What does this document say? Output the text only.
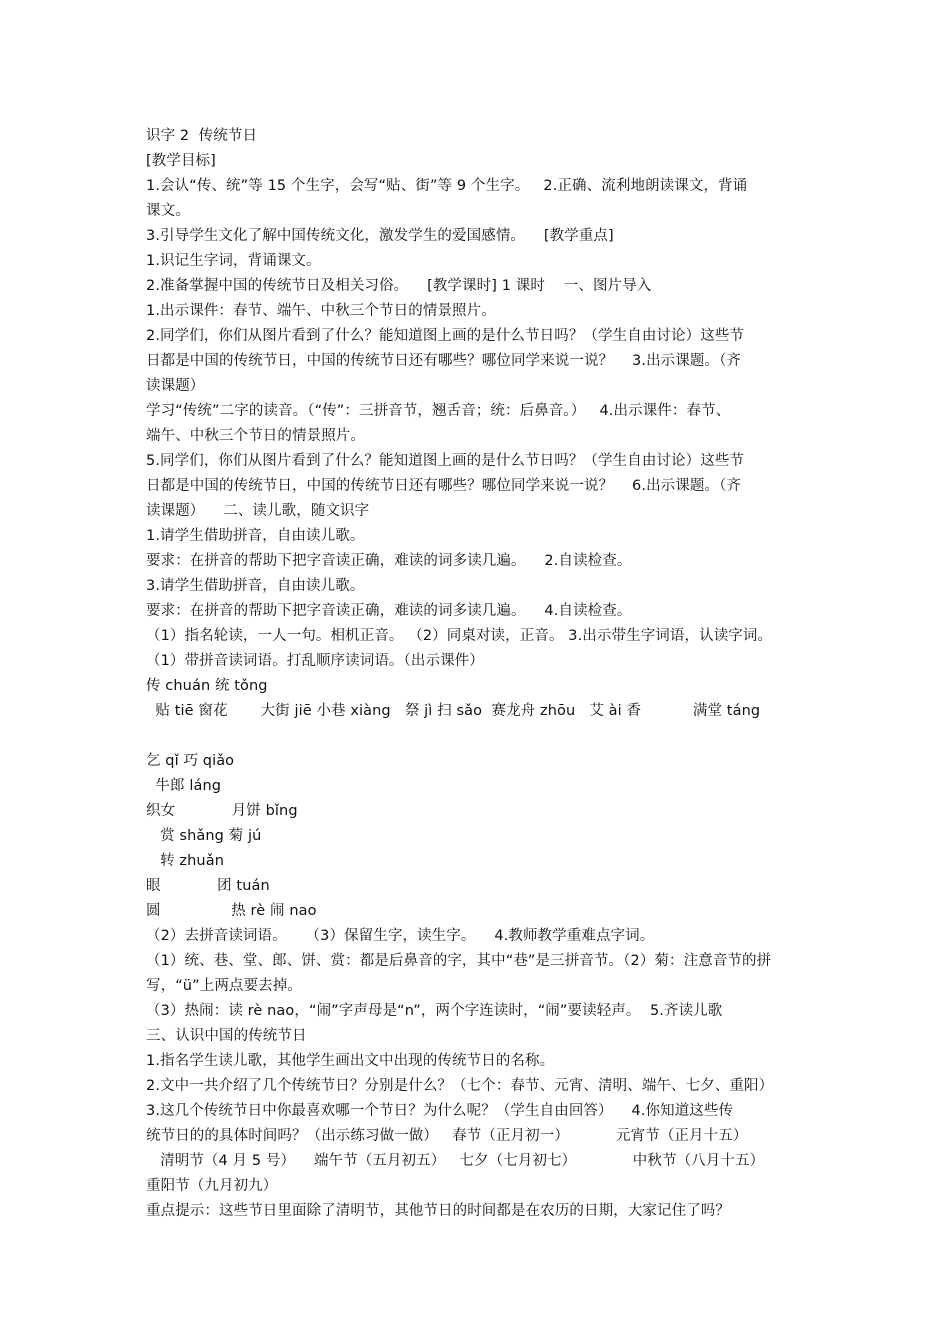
识字 2  传统节日
[教学目标]
1.会认“传、统”等 15 个生字，会写“贴、街”等 9 个生字。   2.正确、流利地朗读课文，背诵
课文。
3.引导学生文化了解中国传统文化，激发学生的爱国感情。    [教学重点]
1.识记生字词，背诵课文。
2.准备掌握中国的传统节日及相关习俗。    [教学课时] 1 课时    一、图片导入
1.出示课件：春节、端午、中秋三个节日的情景照片。
2.同学们，你们从图片看到了什么？能知道图上画的是什么节日吗？（学生自由讨论）这些节
日都是中国的传统节日，中国的传统节日还有哪些？哪位同学来说一说？    3.出示课题。（齐
读课题）
学习“传统”二字的读音。（“传”：三拼音节，翘舌音；统：后鼻音。）   4.出示课件：春节、
端午、中秋三个节日的情景照片。
5.同学们，你们从图片看到了什么？能知道图上画的是什么节日吗？（学生自由讨论）这些节
日都是中国的传统节日，中国的传统节日还有哪些？哪位同学来说一说？    6.出示课题。（齐
读课题）    二、读儿歌，随文识字
1.请学生借助拼音，自由读儿歌。
要求：在拼音的帮助下把字音读正确，难读的词多读几遍。    2.自读检查。
3.请学生借助拼音，自由读儿歌。
要求：在拼音的帮助下把字音读正确，难读的词多读几遍。    4.自读检查。
（1）指名轮读，一人一句。相机正音。 （2）同桌对读，正音。 3.出示带生字词语，认读字词。
（1）带拼音读词语。打乱顺序读词语。（出示课件）
传 chuán 统 tǒng
贴 tiē 窗花       大街 jiē 小巷 xiàng   祭 jì 扫 sǎo  赛龙舟 zhōu   艾 ài 香           满堂 táng
乞 qǐ 巧 qiǎo
牛郎 láng
织女            月饼 bǐng
赏 shǎng 菊 jú
转 zhuǎn
眼            团 tuán
圆               热 rè 闹 nao
（2）去拼音读词语。    （3）保留生字，读生字。    4.教师教学重难点字词。
（1）统、巷、堂、郎、饼、赏：都是后鼻音的字，其中“巷”是三拼音节。（2）菊：注意音节的拼
写，“ü”上两点要去掉。
（3）热闹：读 rè nao，“闹”字声母是“n”，两个字连读时，“闹”要读轻声。  5.齐读儿歌
三、认识中国的传统节日
1.指名学生读儿歌，其他学生画出文中出现的传统节日的名称。
2.文中一共介绍了几个传统节日？分别是什么？（七个：春节、元宵、清明、端午、七夕、重阳）
3.这几个传统节日中你最喜欢哪一个节日？为什么呢？（学生自由回答）    4.你知道这些传
统节日的的具体时间吗？（出示练习做一做）   春节（正月初一）          元宵节（正月十五）
清明节（4 月 5 号）    端午节（五月初五）   七夕（七月初七）            中秋节（八月十五）
重阳节（九月初九）
重点提示：这些节日里面除了清明节，其他节日的时间都是在农历的日期，大家记住了吗？
